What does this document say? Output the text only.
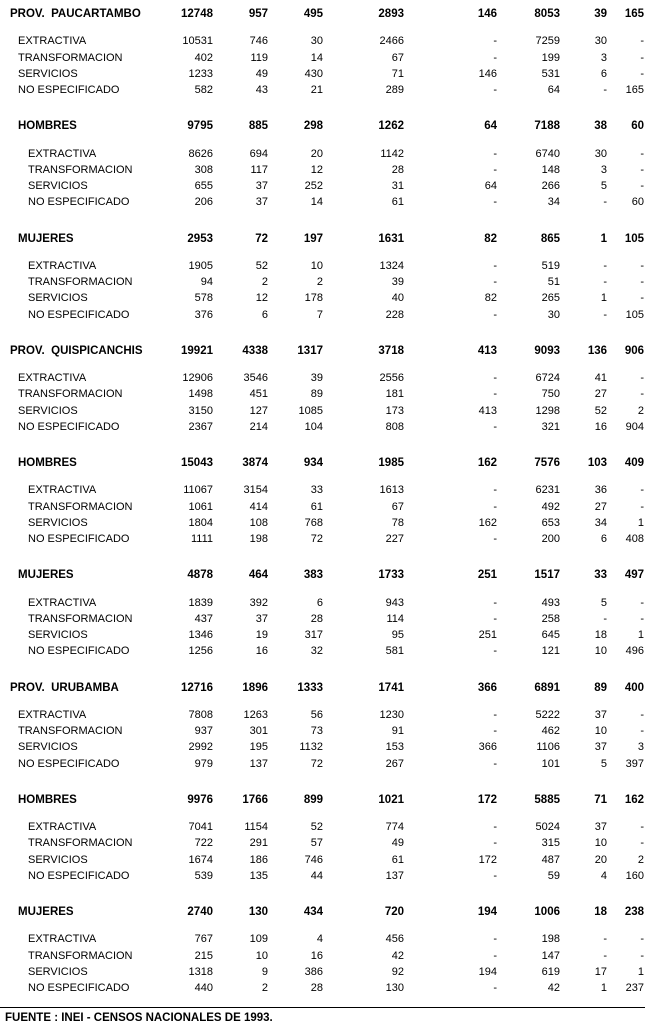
PROV.  PAUCARTAMBO	12748	957	495	2893	146	8053	39 165
EXTRACTIVA	10531	746	30	2466	-	7259	30	-
TRANSFORMACION	402	119	14	67	-	199	3	-
SERVICIOS	1233	49	430	71	146	531	6	-
NO ESPECIFICADO	582	43	21	289	-	64	- 165
HOMBRES	9795	885	298	1262	64	7188	38 60
EXTRACTIVA	8626	694	20	1142	-	6740	30	-
TRANSFORMACION	308	117	12	28	-	148	3	-
SERVICIOS	655	37	252	31	64	266	5	-
NO ESPECIFICADO	206	37	14	61	-	34	- 60
MUJERES	2953	72	197	1631	82	865	1 105
EXTRACTIVA	1905	52	10	1324	-	519	-	-
TRANSFORMACION	94	2	2	39	-	51	-	-
SERVICIOS	578	12	178	40	82	265	1	-
NO ESPECIFICADO	376	6	7	228	-	30	- 105
PROV.  QUISPICANCHIS	19921	4338	1317	3718	413	9093 136 906
EXTRACTIVA	12906	3546	39	2556	-	6724	41	-
TRANSFORMACION	1498	451	89	181	-	750	27	-
SERVICIOS	3150	127	1085	173	413	1298	52	2
NO ESPECIFICADO	2367	214	104	808	-	321	16 904
HOMBRES	15043	3874	934	1985	162	7576 103 409
EXTRACTIVA	11067	3154	33	1613	-	6231	36	-
TRANSFORMACION	1061	414	61	67	-	492	27	-
SERVICIOS	1804	108	768	78	162	653	34	1
NO ESPECIFICADO	1111	198	72	227	-	200	6 408
MUJERES	4878	464	383	1733	251	1517	33 497
EXTRACTIVA	1839	392	6	943	-	493	5	-
TRANSFORMACION	437	37	28	114	-	258	-	-
SERVICIOS	1346	19	317	95	251	645	18	1
NO ESPECIFICADO	1256	16	32	581	-	121	10 496
PROV.  URUBAMBA	12716	1896	1333	1741	366	6891	89 400
EXTRACTIVA	7808	1263	56	1230	-	5222	37	-
TRANSFORMACION	937	301	73	91	-	462	10	-
SERVICIOS	2992	195	1132	153	366	1106	37	3
NO ESPECIFICADO	979	137	72	267	-	101	5 397
HOMBRES	9976	1766	899	1021	172	5885	71 162
EXTRACTIVA	7041	1154	52	774	-	5024	37	-
TRANSFORMACION	722	291	57	49	-	315	10	-
SERVICIOS	1674	186	746	61	172	487	20	2
NO ESPECIFICADO	539	135	44	137	-	59	4 160
MUJERES	2740	130	434	720	194	1006	18 238
EXTRACTIVA	767	109	4	456	-	198	-	-
TRANSFORMACION	215	10	16	42	-	147	-	-
SERVICIOS	1318	9	386	92	194	619	17	1
NO ESPECIFICADO	440	2	28	130	-	42	1 237
FUENTE : INEI - CENSOS NACIONALES DE 1993.
